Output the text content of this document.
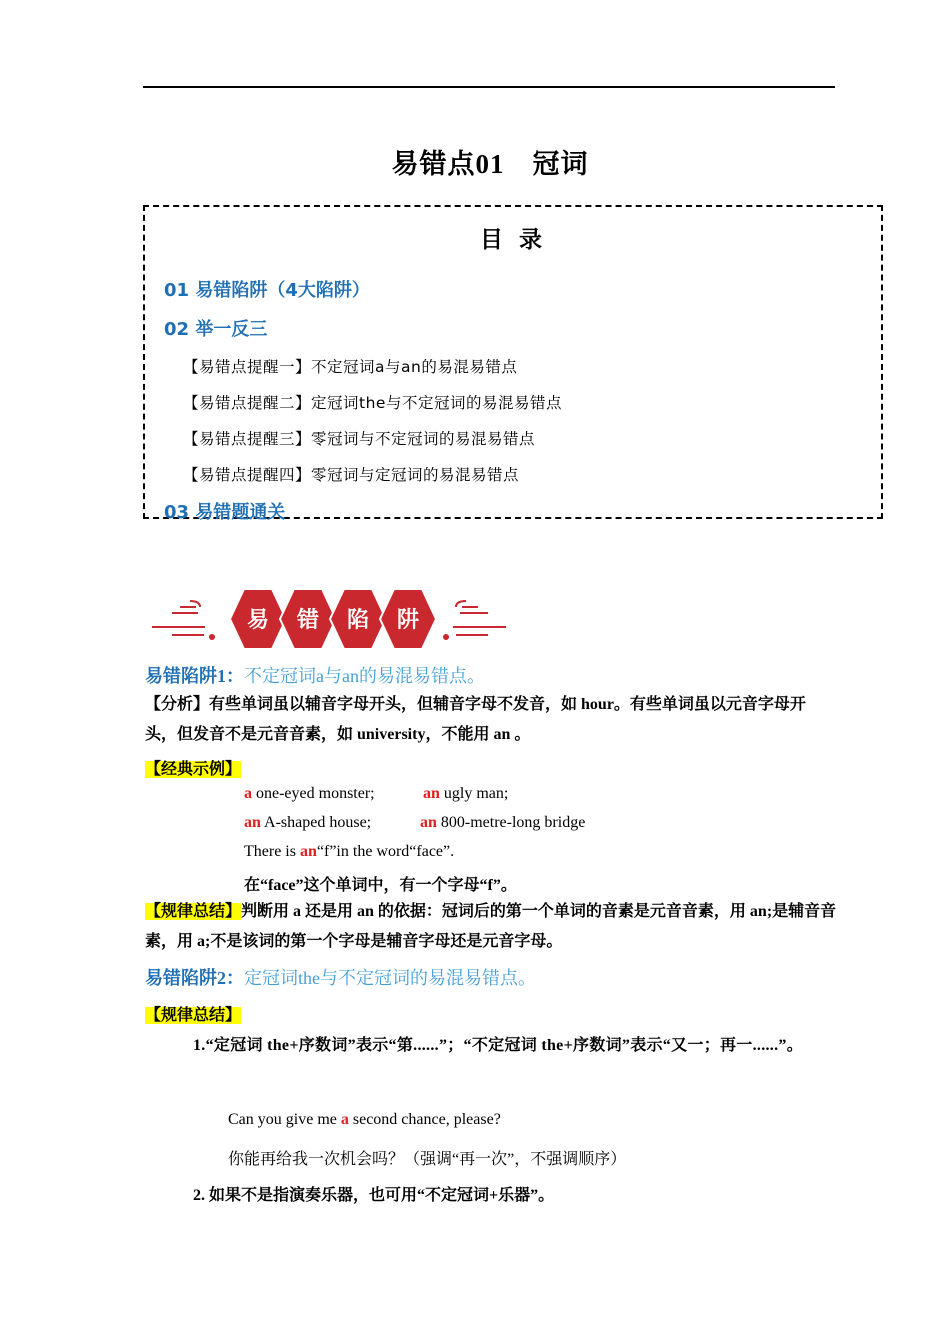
易错点01　冠词
目 录
01 易错陷阱（4大陷阱）
02 举一反三
【易错点提醒一】不定冠词a与an的易混易错点
【易错点提醒二】定冠词the与不定冠词的易混易错点
【易错点提醒三】零冠词与不定冠词的易混易错点
【易错点提醒四】零冠词与定冠词的易混易错点
03 易错题通关
易 错 陷 阱
易错陷阱1：不定冠词a与an的易混易错点。
【分析】有些单词虽以辅音字母开头，但辅音字母不发音，如 hour。有些单词虽以元音字母开头，但发音不是元音音素，如 university，不能用 an 。
【经典示例】
a one-eyed monster;	an ugly man;
an A-shaped house;	an 800-metre-long bridge
There is an“f”in the word“face”.
在“face”这个单词中，有一个字母“f”。
【规律总结】判断用 a 还是用 an 的依据：冠词后的第一个单词的音素是元音音素，用 an;是辅音音素，用 a;不是该词的第一个字母是辅音字母还是元音字母。
易错陷阱2：定冠词the与不定冠词的易混易错点。
【规律总结】
1.“定冠词 the+序数词”表示“第......”；“不定冠词 the+序数词”表示“又一；再一......”。
Can you give me a second chance, please?
你能再给我一次机会吗？（强调“再一次”，不强调顺序）
2. 如果不是指演奏乐器，也可用“不定冠词+乐器”。
